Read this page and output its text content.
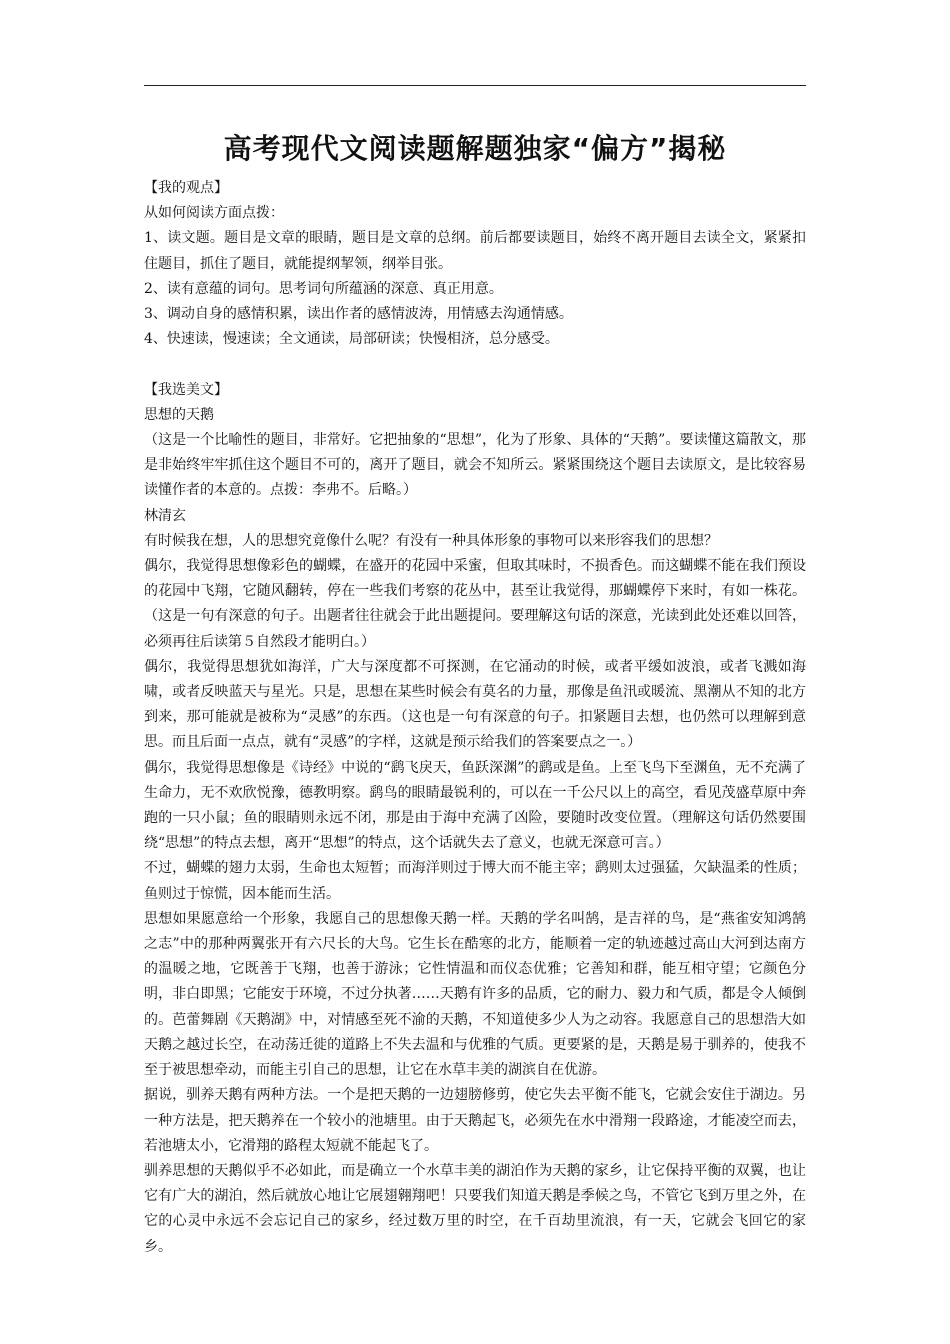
高考现代文阅读题解题独家“偏方”揭秘

【我的观点】

从如何阅读方面点拨：

1、读文题。题目是文章的眼睛，题目是文章的总纲。前后都要读题目，始终不离开题目去读全文，紧紧扣住题目，抓住了题目，就能提纲挈领，纲举目张。

2、读有意蕴的词句。思考词句所蕴涵的深意、真正用意。

3、调动自身的感情积累，读出作者的感情波涛，用情感去沟通情感。

4、快速读，慢速读；全文通读，局部研读；快慢相济，总分感受。

【我选美文】

思想的天鹅

（这是一个比喻性的题目，非常好。它把抽象的“思想”，化为了形象、具体的“天鹅”。要读懂这篇散文，那是非始终牢牢抓住这个题目不可的，离开了题目，就会不知所云。紧紧围绕这个题目去读原文，是比较容易读懂作者的本意的。点拨：李弗不。后略。）

林清玄

有时候我在想，人的思想究竟像什么呢？有没有一种具体形象的事物可以来形容我们的思想？

偶尔，我觉得思想像彩色的蝴蝶，在盛开的花园中采蜜，但取其味时，不损香色。而这蝴蝶不能在我们预设的花园中飞翔，它随风翻转，停在一些我们考察的花丛中，甚至让我觉得，那蝴蝶停下来时，有如一株花。（这是一句有深意的句子。出题者往往就会于此出题提问。要理解这句话的深意，光读到此处还难以回答，必须再往后读第５自然段才能明白。）

偶尔，我觉得思想犹如海洋，广大与深度都不可探测，在它涌动的时候，或者平缓如波浪，或者飞溅如海啸，或者反映蓝天与星光。只是，思想在某些时候会有莫名的力量，那像是鱼汛或暖流、黑潮从不知的北方到来，那可能就是被称为“灵感”的东西。（这也是一句有深意的句子。扣紧题目去想，也仍然可以理解到意思。而且后面一点点，就有“灵感”的字样，这就是预示给我们的答案要点之一。）

偶尔，我觉得思想像是《诗经》中说的“鹞飞戾天，鱼跃深渊”的鹞或是鱼。上至飞鸟下至渊鱼，无不充满了生命力，无不欢欣悦豫，德教明察。鹞鸟的眼睛最锐利的，可以在一千公尺以上的高空，看见茂盛草原中奔跑的一只小鼠；鱼的眼睛则永远不闭，那是由于海中充满了凶险，要随时改变位置。（理解这句话仍然要围绕“思想”的特点去想，离开“思想”的特点，这个话就失去了意义，也就无深意可言。）

不过，蝴蝶的翅力太弱，生命也太短暂；而海洋则过于博大而不能主宰；鹞则太过强猛，欠缺温柔的性质；鱼则过于惊慌，因本能而生活。

思想如果愿意给一个形象，我愿自己的思想像天鹅一样。天鹅的学名叫鹄，是吉祥的鸟，是“燕雀安知鸿鹄之志”中的那种两翼张开有六尺长的大鸟。它生长在酷寒的北方，能顺着一定的轨迹越过高山大河到达南方的温暖之地，它既善于飞翔，也善于游泳；它性情温和而仪态优雅；它善知和群，能互相守望；它颜色分明，非白即黑；它能安于环境，不过分执著……天鹅有许多的品质，它的耐力、毅力和气质，都是令人倾倒的。芭蕾舞剧《天鹅湖》中，对情感至死不渝的天鹅，不知道使多少人为之动容。我愿意自己的思想浩大如天鹅之越过长空，在动荡迁徙的道路上不失去温和与优雅的气质。更要紧的是，天鹅是易于驯养的，使我不至于被思想牵动，而能主引自己的思想，让它在水草丰美的湖滨自在优游。

据说，驯养天鹅有两种方法。一个是把天鹅的一边翅膀修剪，使它失去平衡不能飞，它就会安住于湖边。另一种方法是，把天鹅养在一个较小的池塘里。由于天鹅起飞，必须先在水中滑翔一段路途，才能凌空而去，若池塘太小，它滑翔的路程太短就不能起飞了。

驯养思想的天鹅似乎不必如此，而是确立一个水草丰美的湖泊作为天鹅的家乡，让它保持平衡的双翼，也让它有广大的湖泊，然后就放心地让它展翅翱翔吧！只要我们知道天鹅是季候之鸟，不管它飞到万里之外，在它的心灵中永远不会忘记自己的家乡，经过数万里的时空，在千百劫里流浪，有一天，它就会飞回它的家乡。
